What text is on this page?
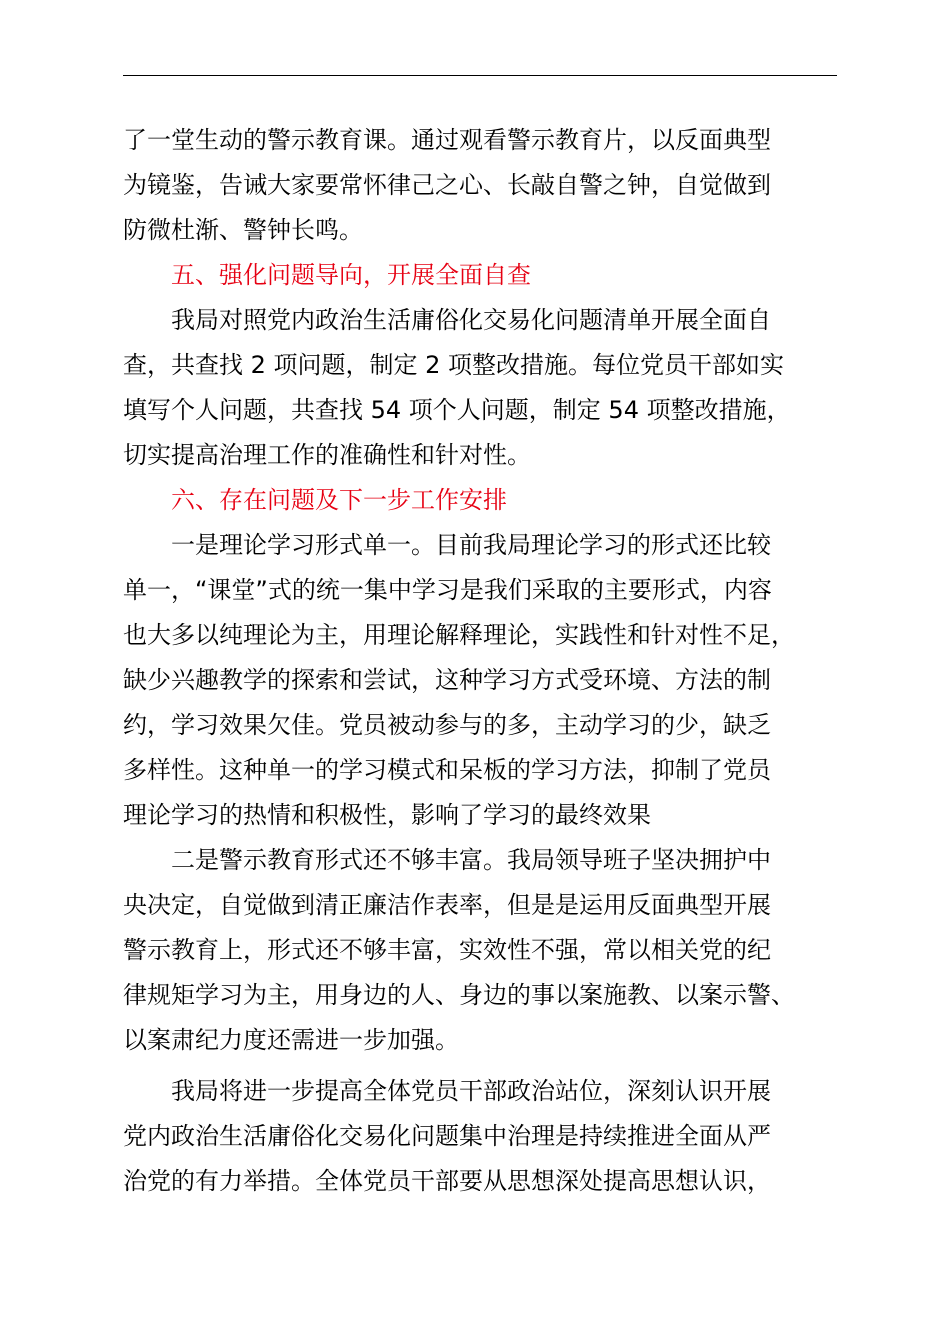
了一堂生动的警示教育课。通过观看警示教育片，以反面典型
为镜鉴，告诫大家要常怀律己之心、长敲自警之钟，自觉做到
防微杜渐、警钟长鸣。
五、强化问题导向，开展全面自查
我局对照党内政治生活庸俗化交易化问题清单开展全面自
查，共查找 2 项问题，制定 2 项整改措施。每位党员干部如实
填写个人问题，共查找 54 项个人问题，制定 54 项整改措施，
切实提高治理工作的准确性和针对性。
六、存在问题及下一步工作安排
一是理论学习形式单一。目前我局理论学习的形式还比较
单一，“课堂”式的统一集中学习是我们采取的主要形式，内容
也大多以纯理论为主，用理论解释理论，实践性和针对性不足，
缺少兴趣教学的探索和尝试，这种学习方式受环境、方法的制
约，学习效果欠佳。党员被动参与的多，主动学习的少，缺乏
多样性。这种单一的学习模式和呆板的学习方法，抑制了党员
理论学习的热情和积极性，影响了学习的最终效果
二是警示教育形式还不够丰富。我局领导班子坚决拥护中
央决定，自觉做到清正廉洁作表率，但是是运用反面典型开展
警示教育上，形式还不够丰富，实效性不强，常以相关党的纪
律规矩学习为主，用身边的人、身边的事以案施教、以案示警、
以案肃纪力度还需进一步加强。
我局将进一步提高全体党员干部政治站位，深刻认识开展
党内政治生活庸俗化交易化问题集中治理是持续推进全面从严
治党的有力举措。全体党员干部要从思想深处提高思想认识，
